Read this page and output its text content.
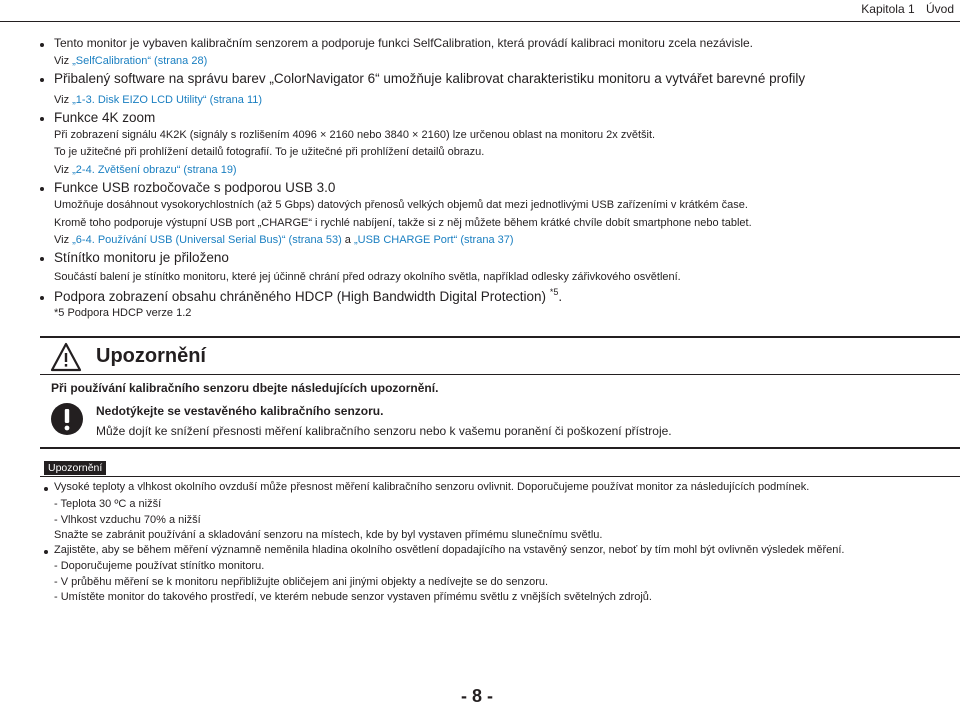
Kapitola 1 Úvod
Tento monitor je vybaven kalibračním senzorem a podporuje funkci SelfCalibration, která provádí kalibraci monitoru zcela nezávisle.
Viz „SelfCalibration“ (strana 28)
Přibalený software na správu barev „ColorNavigator 6“ umožňuje kalibrovat charakteristiku monitoru a vytvářet barevné profily
Viz „1-3. Disk EIZO LCD Utility“ (strana 11)
Funkce 4K zoom
Při zobrazení signálu 4K2K (signály s rozlišením 4096 × 2160 nebo 3840 × 2160) lze určenou oblast na monitoru 2x zvětšit.
To je užitečné při prohlížení detailů fotografií. To je užitečné při prohlížení detailů obrazu.
Viz „2-4. Zvětšení obrazu“ (strana 19)
Funkce USB rozbočovače s podporou USB 3.0
Umožňuje dosáhnout vysokorychlostních (až 5 Gbps) datových přenosů velkých objemů dat mezi jednotlivými USB zařízeními v krátkém čase.
Kromě toho podporuje výstupní USB port „CHARGE“ i rychlé nabíjení, takže si z něj můžete během krátké chvíle dobít smartphone nebo tablet.
Viz „6-4. Používání USB (Universal Serial Bus)“ (strana 53) a „USB CHARGE Port“ (strana 37)
Stínítko monitoru je přiloženo
Součástí balení je stínítko monitoru, které jej účinně chrání před odrazy okolního světla, například odlesky zářivkového osvětlení.
Podpora zobrazení obsahu chráněného HDCP (High Bandwidth Digital Protection) $^{*5}$.
*5 Podpora HDCP verze 1.2
Upozornění
Při používání kalibračního senzoru dbejte následujících upozornění.
Nedotýkejte se vestavěného kalibračního senzoru.
Může dojít ke snížení přesnosti měření kalibračního senzoru nebo k vašemu poranění či poškození přístroje.
Upozornění
Vysoké teploty a vlhkost okolního ovzduší může přesnost měření kalibračního senzoru ovlivnit. Doporučujeme používat monitor za následujících podmínek.
- Teplota 30 ºC a nižší
- Vlhkost vzduchu 70% a nižší
Snažte se zabránit používání a skladování senzoru na místech, kde by byl vystaven přímému slunečnímu světlu.
Zajistěte, aby se během měření významně neměnila hladina okolního osvětlení dopadajícího na vstavěný senzor, neboť by tím mohl být ovlivněn výsledek měření.
- Doporučujeme používat stínítko monitoru.
- V průběhu měření se k monitoru nepřibližujte obličejem ani jinými objekty a nedívejte se do senzoru.
- Umístěte monitor do takového prostředí, ve kterém nebude senzor vystaven přímému světlu z vnějších světelných zdrojů.
- 8 -
